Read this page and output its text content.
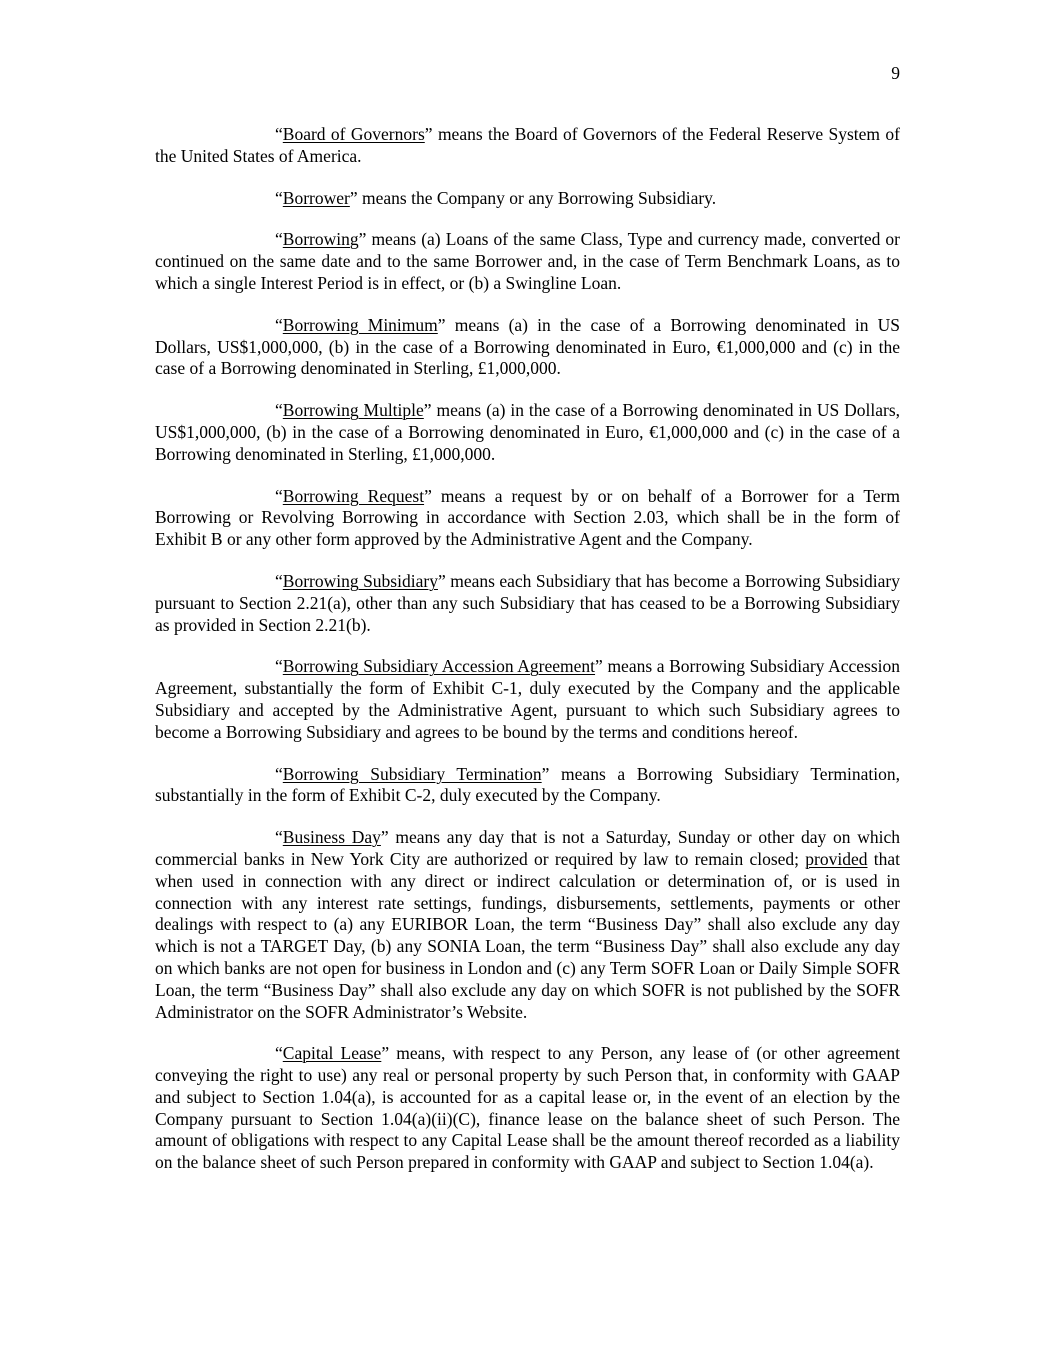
9

“Board of Governors” means the Board of Governors of the Federal Reserve System of the United States of America.

“Borrower” means the Company or any Borrowing Subsidiary.

“Borrowing” means (a) Loans of the same Class, Type and currency made, converted or continued on the same date and to the same Borrower and, in the case of Term Benchmark Loans, as to which a single Interest Period is in effect, or (b) a Swingline Loan.

“Borrowing Minimum” means (a) in the case of a Borrowing denominated in US Dollars, US$1,000,000, (b) in the case of a Borrowing denominated in Euro, €1,000,000 and (c) in the case of a Borrowing denominated in Sterling, £1,000,000.

“Borrowing Multiple” means (a) in the case of a Borrowing denominated in US Dollars, US$1,000,000, (b) in the case of a Borrowing denominated in Euro, €1,000,000 and (c) in the case of a Borrowing denominated in Sterling, £1,000,000.

“Borrowing Request” means a request by or on behalf of a Borrower for a Term Borrowing or Revolving Borrowing in accordance with Section 2.03, which shall be in the form of Exhibit B or any other form approved by the Administrative Agent and the Company.

“Borrowing Subsidiary” means each Subsidiary that has become a Borrowing Subsidiary pursuant to Section 2.21(a), other than any such Subsidiary that has ceased to be a Borrowing Subsidiary as provided in Section 2.21(b).

“Borrowing Subsidiary Accession Agreement” means a Borrowing Subsidiary Accession Agreement, substantially the form of Exhibit C-1, duly executed by the Company and the applicable Subsidiary and accepted by the Administrative Agent, pursuant to which such Subsidiary agrees to become a Borrowing Subsidiary and agrees to be bound by the terms and conditions hereof.

“Borrowing Subsidiary Termination” means a Borrowing Subsidiary Termination, substantially in the form of Exhibit C-2, duly executed by the Company.

“Business Day” means any day that is not a Saturday, Sunday or other day on which commercial banks in New York City are authorized or required by law to remain closed; provided that when used in connection with any direct or indirect calculation or determination of, or is used in connection with any interest rate settings, fundings, disbursements, settlements, payments or other dealings with respect to (a) any EURIBOR Loan, the term “Business Day” shall also exclude any day which is not a TARGET Day, (b) any SONIA Loan, the term “Business Day” shall also exclude any day on which banks are not open for business in London and (c) any Term SOFR Loan or Daily Simple SOFR Loan, the term “Business Day” shall also exclude any day on which SOFR is not published by the SOFR Administrator on the SOFR Administrator’s Website.

“Capital Lease” means, with respect to any Person, any lease of (or other agreement conveying the right to use) any real or personal property by such Person that, in conformity with GAAP and subject to Section 1.04(a), is accounted for as a capital lease or, in the event of an election by the Company pursuant to Section 1.04(a)(ii)(C), finance lease on the balance sheet of such Person. The amount of obligations with respect to any Capital Lease shall be the amount thereof recorded as a liability on the balance sheet of such Person prepared in conformity with GAAP and subject to Section 1.04(a).
